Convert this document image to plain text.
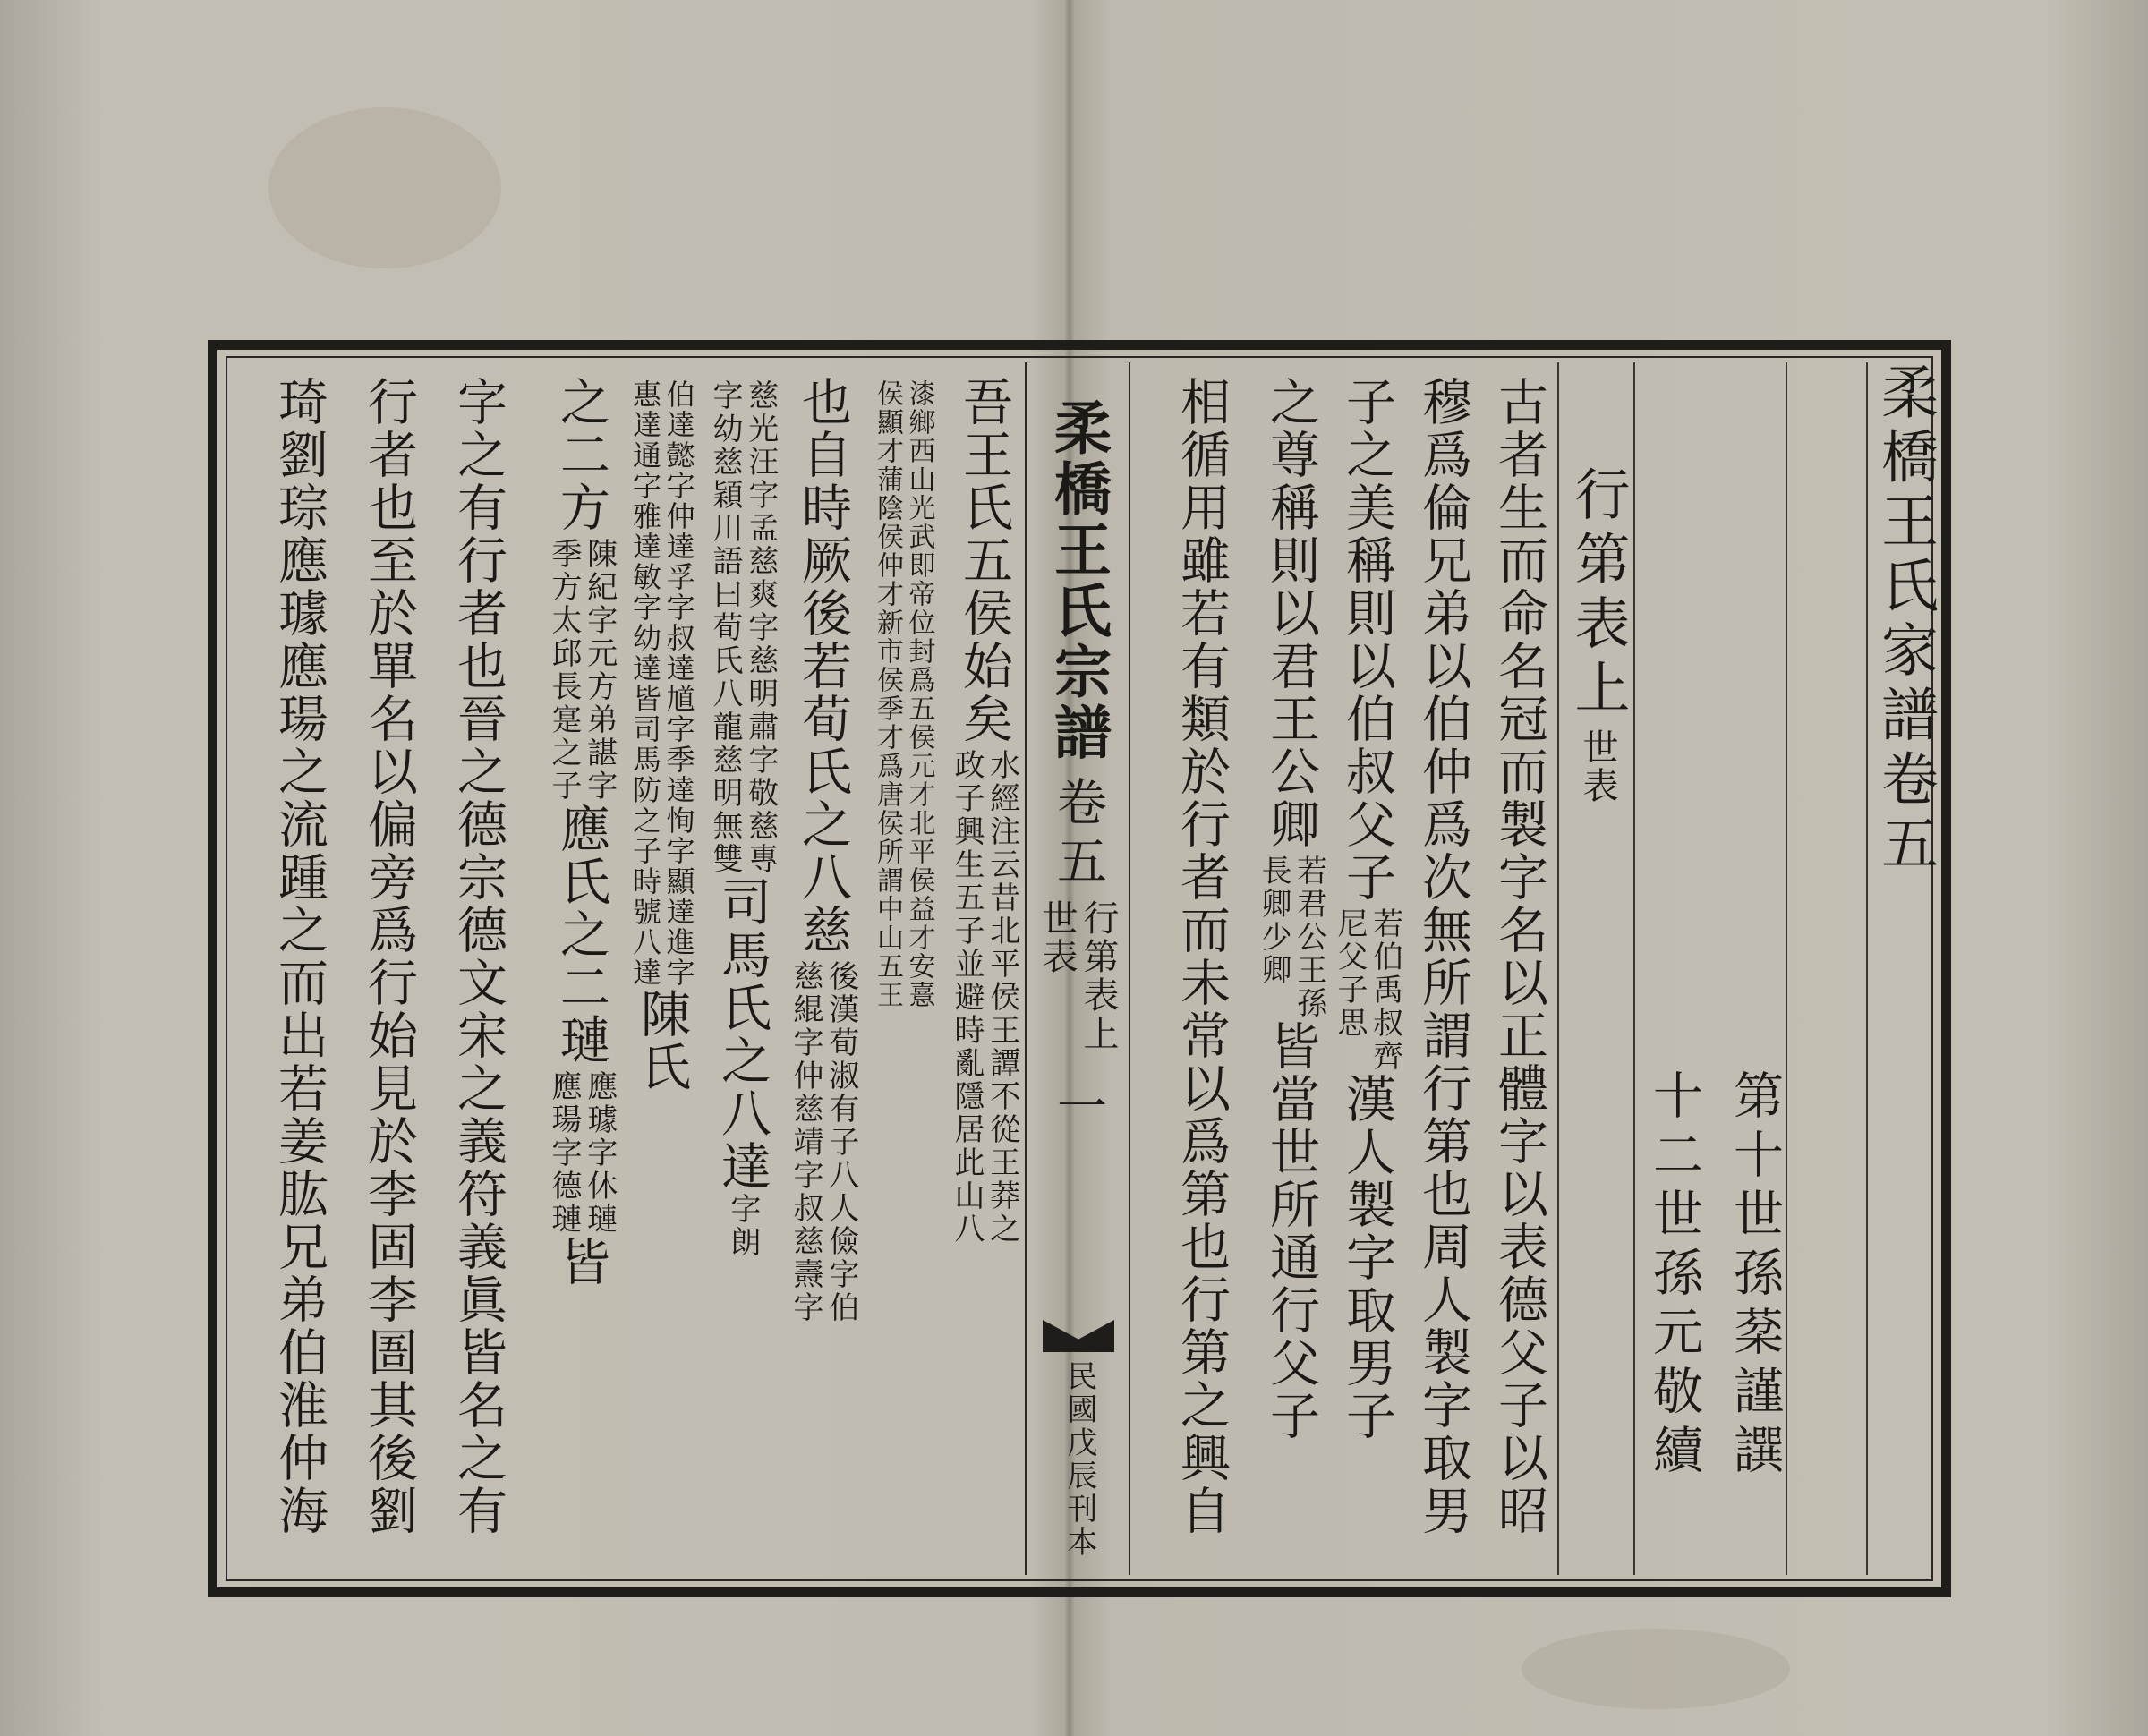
柔橋王氏家譜卷五
第十世孫棻謹譔
十二世孫元敬續
行第表上
世表
古者生而命名冠而製字名以正體字以表德父子以昭
穆爲倫兄弟以伯仲爲次無所謂行第也周人製字取男
子之美稱則以伯叔父子
若伯禹叔齊
尼父子思
漢人製字取男子
之尊稱則以君王公卿
若君公王孫
長卿少卿
皆當世所通行父子
相循用雖若有類於行者而未常以爲第也行第之興自
柔橋王氏宗譜
卷五
行第表上
世表
一
民國戊辰刊本
吾王氏五侯始矣
水經注云昔北平侯王譚不從王莽之
政子興生五子並避時亂隱居此山八
漆鄉西山光武即帝位封爲五侯元才北平侯益才安憙
侯顯才蒲陰侯仲才新市侯季才爲唐侯所謂中山五王
也自時厥後若荀氏之八慈
後漢荀淑有子八人儉字伯
慈緄字仲慈靖字叔慈燾字
慈光汪字孟慈爽字慈明肅字敬慈專
字幼慈穎川語曰荀氏八龍慈明無雙
司馬氏之八達
字朗
伯達懿字仲達孚字叔達馗字季達恂字顯達進字
惠達通字雅達敏字幼達皆司馬防之子時號八達
陳氏
之二方
陳紀字元方弟諶字
季方太邱長寔之子
應氏之二璉
應璩字休璉
應瑒字德璉
皆
字之有行者也晉之德宗德文宋之義符義眞皆名之有
行者也至於單名以偏旁爲行始見於李固李圄其後劉
琦劉琮應璩應瑒之流踵之而出若姜肱兄弟伯淮仲海
